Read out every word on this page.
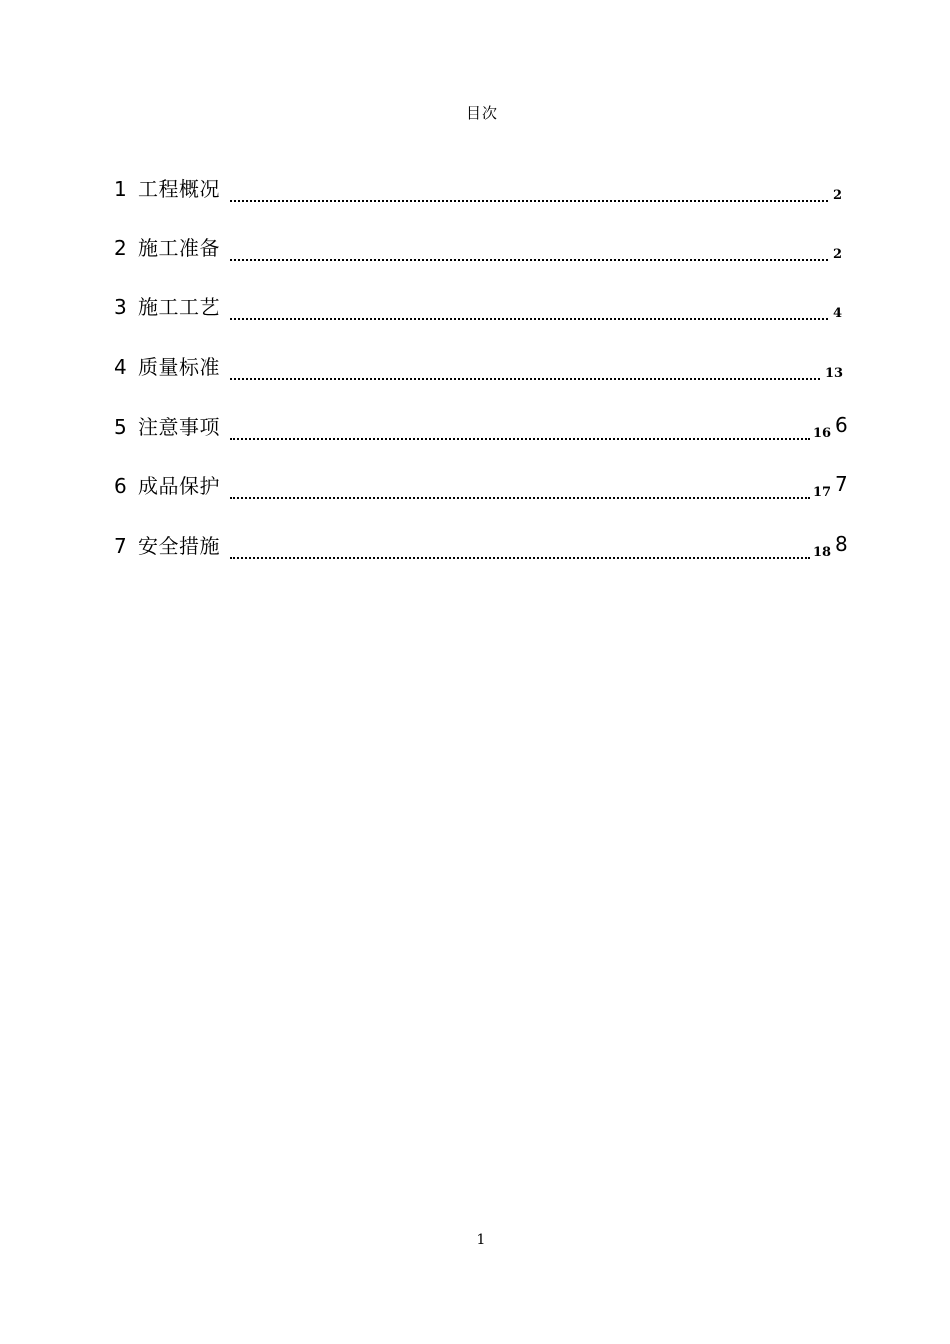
目次
1 工程概况	2
2 施工准备	2
3 施工工艺	4
4 质量标准	13
5 注意事项	16 6
6 成品保护	17 7
7 安全措施	18 8
1
